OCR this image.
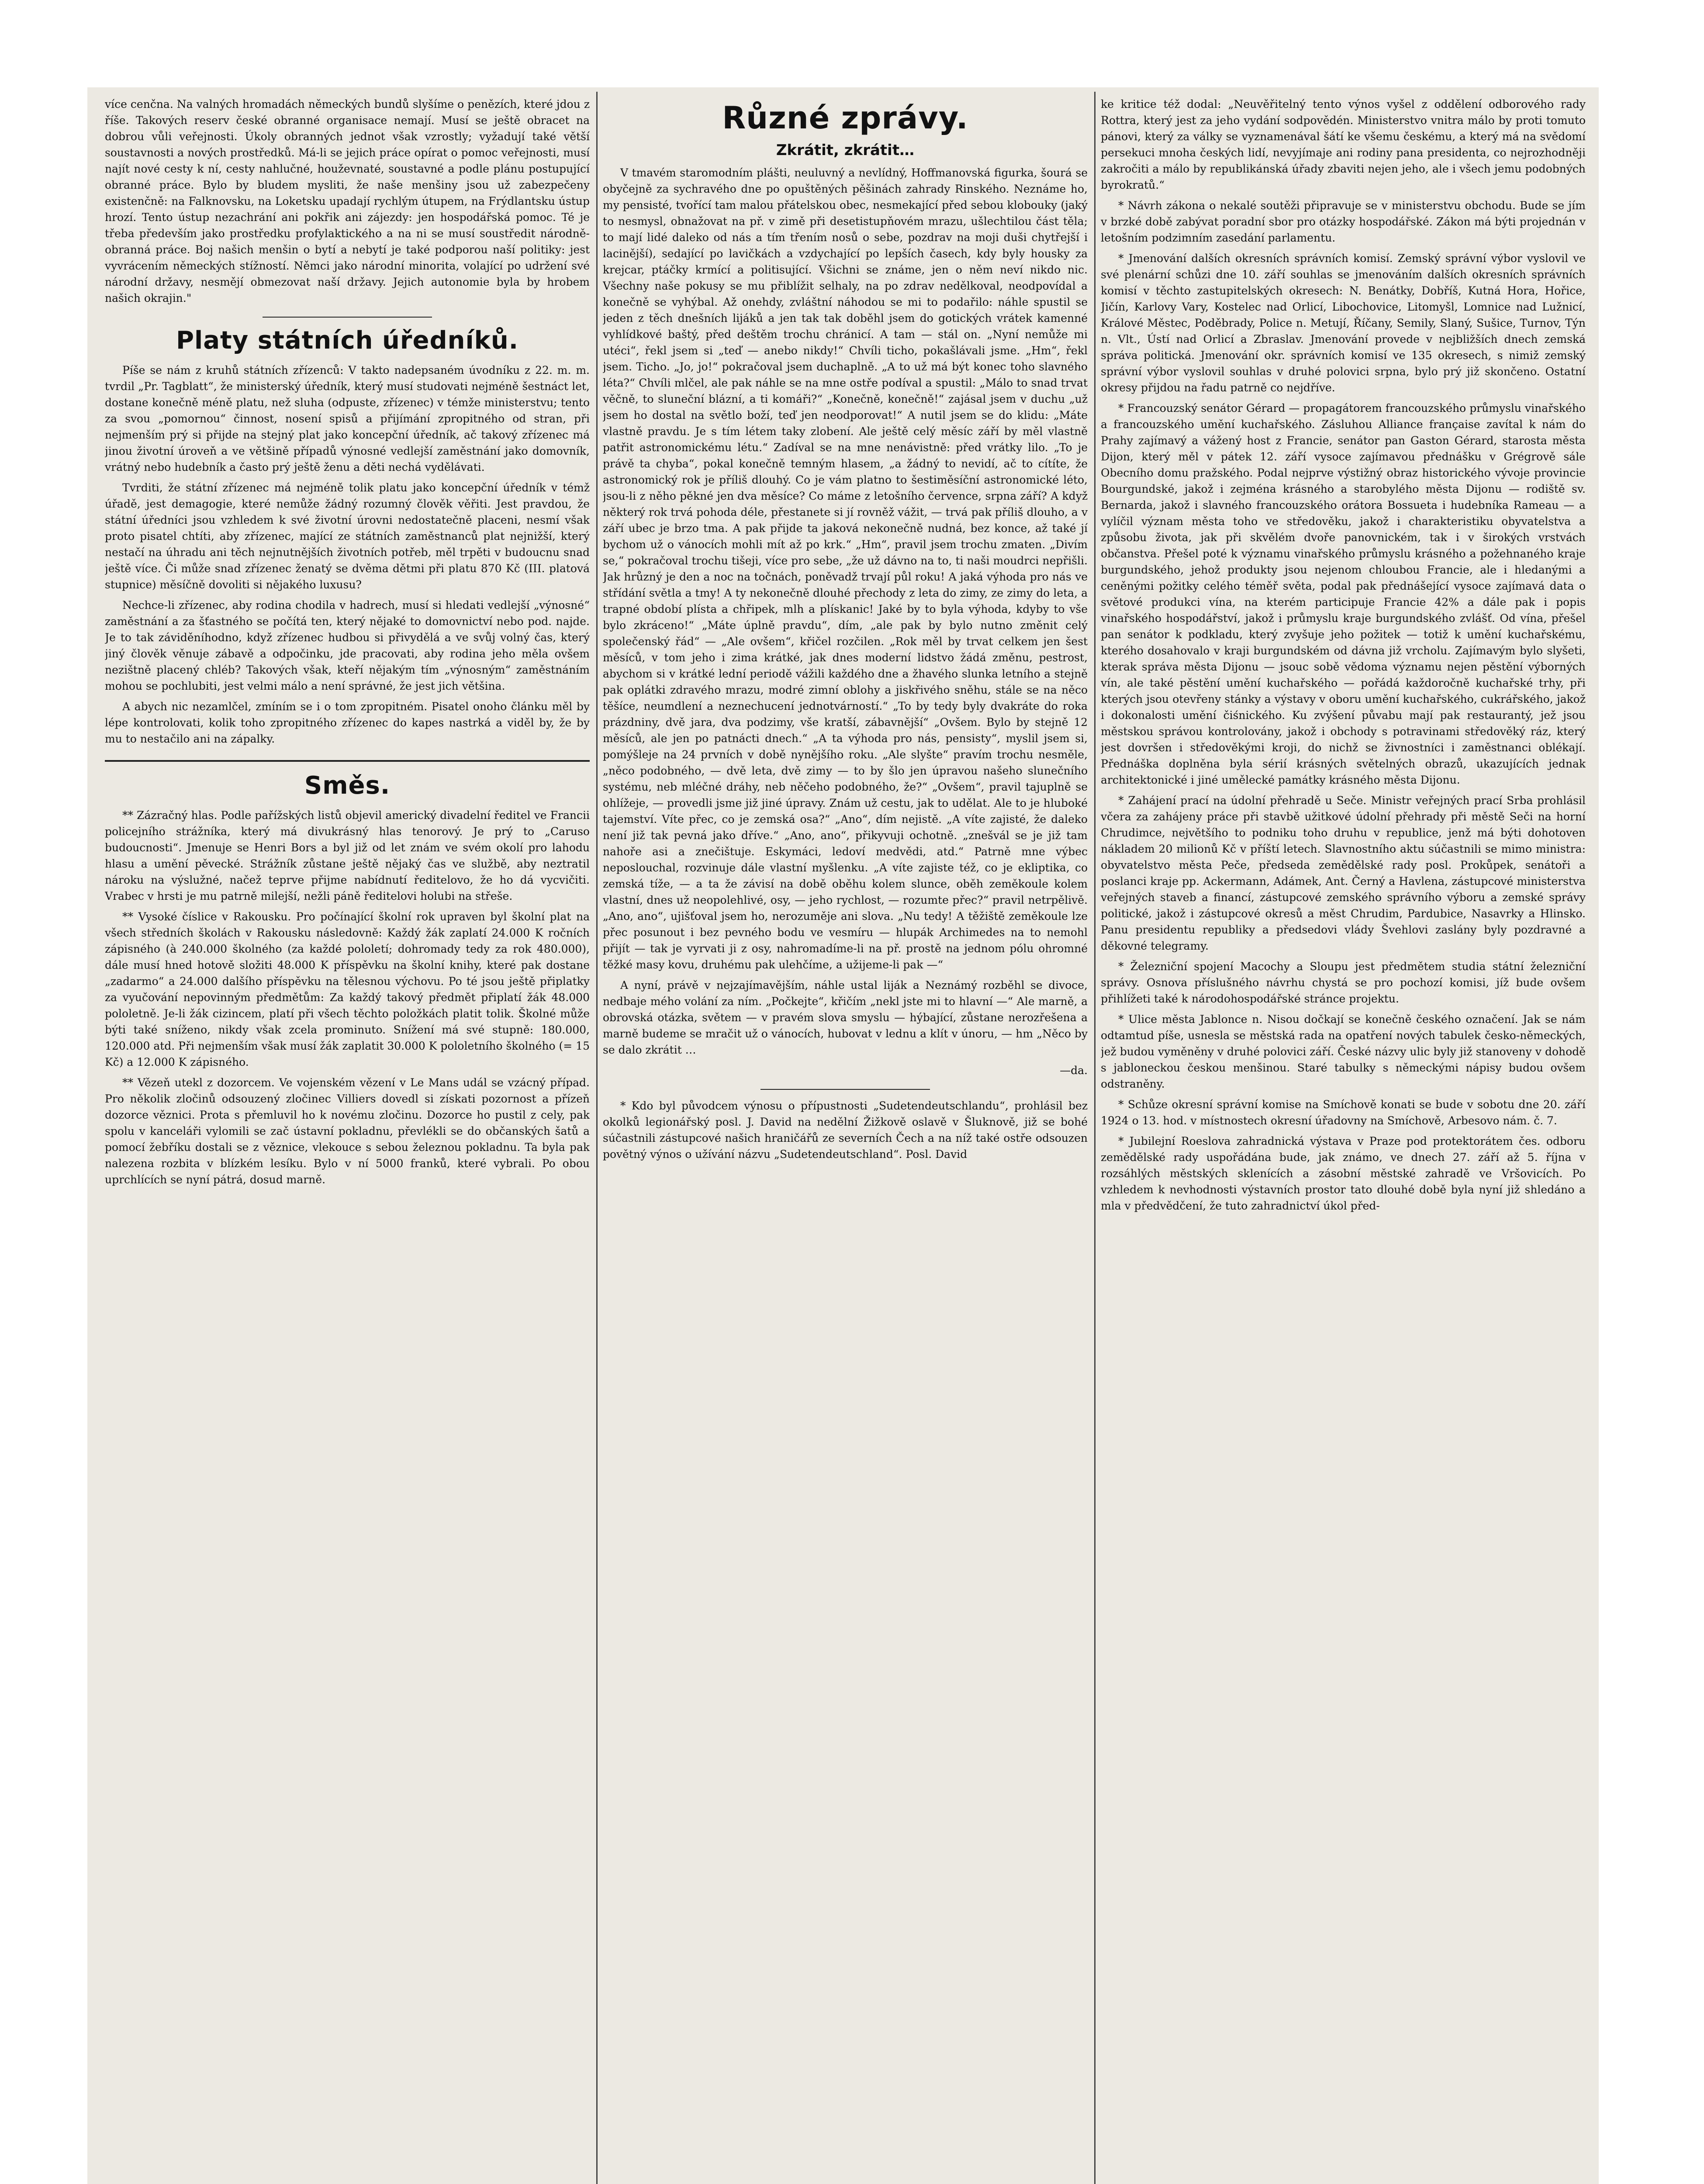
více cenčna. Na valných hromadách německých bundů slyšíme o penězích, které jdou z říše. Takových reserv české obranné organisace nemají. Musí se ještě obracet na dobrou vůli veřejnosti. Úkoly obranných jednot však vzrostly; vyžadují také větší soustavnosti a nových prostředků. Má-li se jejich práce opírat o pomoc veřejnosti, musí najít nové cesty k ní, cesty nahlučné, houževnaté, soustavné a podle plánu postupující obranné práce. Bylo by bludem mysliti, že naše menšiny jsou už zabezpečeny existenčně: na Falknovsku, na Loketsku upadají rychlým útupem, na Frýdlantsku ústup hrozí. Tento ústup nezachrání ani pokřik ani zájezdy: jen hospodářská pomoc. Té je třeba především jako prostředku profylaktického a na ni se musí soustředit národně-obranná práce. Boj našich menšin o bytí a nebytí je také podporou naší politiky: jest vyvrácením německých stížností. Němci jako národní minorita, volající po udržení své národní državy, nesmějí obmezovat naší državy. Jejich autonomie byla by hrobem našich okrajin."

Platy státních úředníků.

Píše se nám z kruhů státních zřízenců: V takto nadepsaném úvodníku z 22. m. m. tvrdil „Pr. Tagblatt“, že ministerský úředník, který musí studovati nejméně šestnáct let, dostane konečně méně platu, než sluha (odpuste, zřízenec) v témže ministerstvu; tento za svou „pomornou“ činnost, nosení spisů a přijímání zpropitného od stran, při nejmenším prý si přijde na stejný plat jako koncepční úředník, ač takový zřízenec má jinou životní úroveň a ve většině případů výnosné vedlejší zaměstnání jako domovník, vrátný nebo hudebník a často prý ještě ženu a děti nechá vydělávati.

Tvrditi, že státní zřízenec má nejméně tolik platu jako koncepční úředník v témž úřadě, jest demagogie, které nemůže žádný rozumný člověk věřiti. Jest pravdou, že státní úředníci jsou vzhledem k své životní úrovni nedostatečně placeni, nesmí však proto pisatel chtíti, aby zřízenec, mající ze státních zaměstnanců plat nejnižší, který nestačí na úhradu ani těch nejnutnějších životních potřeb, měl trpěti v budoucnu snad ještě více. Či může snad zřízenec ženatý se dvěma dětmi při platu 870 Kč (III. platová stupnice) měsíčně dovoliti si nějakého luxusu?

Nechce-li zřízenec, aby rodina chodila v hadrech, musí si hledati vedlejší „výnosné“ zaměstnání a za šťastného se počítá ten, který nějaké to domovnictví nebo pod. najde. Je to tak záviděníhodno, když zřízenec hudbou si přivydělá a ve svůj volný čas, který jiný člověk věnuje zábavě a odpočinku, jde pracovati, aby rodina jeho měla ovšem nezištně placený chléb? Takových však, kteří nějakým tím „výnosným“ zaměstnáním mohou se pochlubiti, jest velmi málo a není správné, že jest jich většina.

A abych nic nezamlčel, zmíním se i o tom zpropitném. Pisatel onoho článku měl by lépe kontrolovati, kolik toho zpropitného zřízenec do kapes nastrká a viděl by, že by mu to nestačilo ani na zápalky.

Směs.

** Zázračný hlas. Podle pařížských listů objevil americký divadelní ředitel ve Francii policejního strážníka, který má divukrásný hlas tenorový. Je prý to „Caruso budoucnosti“. Jmenuje se Henri Bors a byl již od let znám ve svém okolí pro lahodu hlasu a umění pěvecké. Strážník zůstane ještě nějaký čas ve službě, aby neztratil nároku na výslužné, načež teprve přijme nabídnutí ředitelovo, že ho dá vycvičiti. Vrabec v hrsti je mu patrně milejší, nežli páně ředitelovi holubi na střeše.

** Vysoké číslice v Rakousku. Pro počínající školní rok upraven byl školní plat na všech středních školách v Rakousku následovně: Každý žák zaplatí 24.000 K ročních zápisného (à 240.000 školného (za každé pololetí; dohromady tedy za rok 480.000), dále musí hned hotově složiti 48.000 K příspěvku na školní knihy, které pak dostane „zadarmo“ a 24.000 dalšího příspěvku na tělesnou výchovu. Po té jsou ještě připlatky za vyučování nepovinným předmětům: Za každý takový předmět připlatí žák 48.000 pololetně. Je-li žák cizincem, platí při všech těchto položkách platit tolik. Školné může býti také sníženo, nikdy však zcela prominuto. Snížení má své stupně: 180.000, 120.000 atd. Při nejmenším však musí žák zaplatit 30.000 K pololetního školného (= 15 Kč) a 12.000 K zápisného.

** Vězeň utekl z dozorcem. Ve vojenském vězení v Le Mans udál se vzácný případ. Pro několik zločinů odsouzený zločinec Villiers dovedl si získati pozornost a přízeň dozorce věznici. Prota s přemluvil ho k novému zločinu. Dozorce ho pustil z cely, pak spolu v kanceláři vylomili se zač ústavní pokladnu, převlékli se do občanských šatů a pomocí žebříku dostali se z věznice, vlekouce s sebou železnou pokladnu. Ta byla pak nalezena rozbita v blízkém lesíku. Bylo v ní 5000 franků, které vybrali. Po obou uprchlících se nyní pátrá, dosud marně.

Různé zprávy.
Zkrátit, zkrátit…

V tmavém staromodním plášti, neuluvný a nevlídný, Hoffmanovská figurka, šourá se obyčejně za sychravého dne po opuštěných pěšinách zahrady Rinského. Neznáme ho, my pensisté, tvořící tam malou přátelskou obec, nesmekající před sebou klobouky (jaký to nesmysl, obnažovat na př. v zimě při desetistupňovém mrazu, ušlechtilou část těla; to mají lidé daleko od nás a tím třením nosů o sebe, pozdrav na moji duši chytřejší i lacinější), sedající po lavičkách a vzdychající po lepších časech, kdy byly housky za krejcar, ptáčky krmící a politisující. Všichni se známe, jen o něm neví nikdo nic. Všechny naše pokusy se mu přiblížit selhaly, na po zdrav nedělkoval, neodpovídal a konečně se vyhýbal. Až onehdy, zvláštní náhodou se mi to podařilo: náhle spustil se jeden z těch dnešních lijáků a jen tak tak doběhl jsem do gotických vrátek kamenné vyhlídkové baštý, před deštěm trochu chránicí. A tam — stál on. „Nyní nemůže mi utéci“, řekl jsem si „teď — anebo nikdy!“ Chvíli ticho, pokašlávali jsme. „Hm“, řekl jsem. Ticho. „Jo, jo!“ pokračoval jsem duchaplně. „A to už má být konec toho slavného léta?“ Chvíli mlčel, ale pak náhle se na mne ostře podíval a spustil: „Málo to snad trvat věčně, to sluneční blázní, a ti komáři?“ „Konečně, konečně!“ zajásal jsem v duchu „už jsem ho dostal na světlo boží, teď jen neodporovat!“ A nutil jsem se do klidu: „Máte vlastně pravdu. Je s tím létem taky zlobení. Ale ještě celý měsíc září by měl vlastně patřit astronomickému létu.“ Zadíval se na mne nenávistně: před vrátky lilo. „To je právě ta chyba“, pokal konečně temným hlasem, „a žádný to nevidí, ač to cítíte, že astronomický rok je příliš dlouhý. Co je vám platno to šestiměsíční astronomické léto, jsou-li z něho pěkné jen dva měsíce? Co máme z letošního července, srpna září? A když některý rok trvá pohoda déle, přestanete si jí rovněž vážit, — trvá pak příliš dlouho, a v září ubec je brzo tma. A pak přijde ta jaková nekonečně nudná, bez konce, až také jí bychom už o vánocích mohli mít až po krk.“ „Hm“, pravil jsem trochu zmaten. „Divím se,“ pokračoval trochu tišeji, více pro sebe, „že už dávno na to, ti naši moudrci nepřišli. Jak hrůzný je den a noc na točnách, poněvadž trvají půl roku! A jaká výhoda pro nás ve střídání světla a tmy! A ty nekonečně dlouhé přechody z leta do zimy, ze zimy do leta, a trapné období plísta a chřipek, mlh a plískanic! Jaké by to byla výhoda, kdyby to vše bylo zkráceno!“ „Máte úplně pravdu“, dím, „ale pak by bylo nutno změnit celý společenský řád“ — „Ale ovšem“, křičel rozčilen. „Rok měl by trvat celkem jen šest měsíců, v tom jeho i zima krátké, jak dnes moderní lidstvo žádá změnu, pestrost, abychom si v krátké lední periodě vážili každého dne a žhavého slunka letního a stejně pak oplátki zdravého mrazu, modré zimní oblohy a jiskřivého sněhu, stále se na něco těšíce, neumdlení a neznechucení jednotvárností.“ „To by tedy byly dvakráte do roka prázdniny, dvě jara, dva podzimy, vše kratší, zábavnější“ „Ovšem. Bylo by stejně 12 měsíců, ale jen po patnácti dnech.“ „A ta výhoda pro nás, pensisty“, myslil jsem si, pomýšleje na 24 prvních v době nynějšího roku. „Ale slyšte“ pravím trochu nesměle, „něco podobného, — dvě leta, dvě zimy — to by šlo jen úpravou našeho slunečního systému, neb mléčné dráhy, neb něčeho podobného, že?“ „Ovšem“, pravil tajuplně se ohlížeje, — provedli jsme již jiné úpravy. Znám už cestu, jak to udělat. Ale to je hluboké tajemství. Víte přec, co je zemská osa?“ „Ano“, dím nejistě. „A víte zajisté, že daleko není již tak pevná jako dříve.“ „Ano, ano“, přikyvuji ochotně. „znešvál se je již tam nahoře asi a znečištuje. Eskymáci, ledoví medvědi, atd.“ Patrně mne výbec neposlouchal, rozvinuje dále vlastní myšlenku. „A víte zajiste též, co je ekliptika, co zemská tíže, — a ta že závisí na době oběhu kolem slunce, oběh zeměkoule kolem vlastní, dnes už neopolehlivé, osy, — jeho rychlost, — rozumte přec?“ pravil netrpělivě. „Ano, ano“, ujišťoval jsem ho, nerozuměje ani slova. „Nu tedy! A těžiště zeměkoule lze přec posunout i bez pevného bodu ve vesmíru — hlupák Archimedes na to nemohl přijít — tak je vyrvati ji z osy, nahromadíme-li na př. prostě na jednom pólu ohromné těžké masy kovu, druhému pak ulehčíme, a užijeme-li pak —“

A nyní, právě v nejzajímavějším, náhle ustal liják a Neznámý rozběhl se divoce, nedbaje mého volání za ním. „Počkejte“, křičím „nekl jste mi to hlavní —“ Ale marně, a obrovská otázka, světem — v pravém slova smyslu — hýbající, zůstane nerozřešena a marně budeme se mračit už o vánocích, hubovat v lednu a klít v únoru, — hm „Něco by se dalo zkrátit …

—da.

* Kdo byl původcem výnosu o přípustnosti „Sudetendeutschlandu“, prohlásil bez okolků legionářský posl. J. David na nedělní Žižkově oslavě v Šluknově, již se bohé súčastnili zástupcové našich hraničářů ze severních Čech a na níž také ostře odsouzen povětný výnos o užívání názvu „Sudetendeutschland“. Posl. David

ke kritice též dodal: „Neuvěřitelný tento výnos vyšel z oddělení odborového rady Rottra, který jest za jeho vydání sodpovědén. Ministerstvo vnitra málo by proti tomuto pánovi, který za války se vyznamenával šátí ke všemu českému, a který má na svědomí persekuci mnoha českých lidí, nevyjímaje ani rodiny pana presidenta, co nejrozhodněji zakročiti a málo by republikánská úřady zbaviti nejen jeho, ale i všech jemu podobných byrokratů.“

* Návrh zákona o nekalé soutěži připravuje se v ministerstvu obchodu. Bude se jím v brzké době zabývat poradní sbor pro otázky hospodářské. Zákon má býti projednán v letošním podzimním zasedání parlamentu.

* Jmenování dalších okresních správních komisí. Zemský správní výbor vyslovil ve své plenární schůzi dne 10. září souhlas se jmenováním dalších okresních správních komisí v těchto zastupitelských okresech: N. Benátky, Dobříš, Kutná Hora, Hořice, Jičín, Karlovy Vary, Kostelec nad Orlicí, Libochovice, Litomyšl, Lomnice nad Lužnicí, Králové Městec, Poděbrady, Police n. Metují, Říčany, Semily, Slaný, Sušice, Turnov, Týn n. Vlt., Ústí nad Orlicí a Zbraslav. Jmenování provede v nejbližších dnech zemská správa politická. Jmenování okr. správních komisí ve 135 okresech, s nimiž zemský správní výbor vyslovil souhlas v druhé polovici srpna, bylo prý již skončeno. Ostatní okresy přijdou na řadu patrně co nejdříve.

* Francouzský senátor Gérard — propagátorem francouzského průmyslu vinařského a francouzského umění kuchařského. Zásluhou Alliance française zavítal k nám do Prahy zajímavý a vážený host z Francie, senátor pan Gaston Gérard, starosta města Dijon, který měl v pátek 12. září vysoce zajímavou přednášku v Grégrově sále Obecního domu pražského. Podal nejprve výstižný obraz historického vývoje provincie Bourgundské, jakož i zejména krásného a starobylého města Dijonu — rodiště sv. Bernarda, jakož i slavného francouzského orátora Bossueta i hudebníka Rameau — a vylíčil význam města toho ve středověku, jakož i charakteristiku obyvatelstva a způsobu života, jak při skvělém dvoře panovnickém, tak i v širokých vrstvách občanstva. Přešel poté k významu vinařského průmyslu krásného a požehnaného kraje burgundského, jehož produkty jsou nejenom chloubou Francie, ale i hledanými a ceněnými požitky celého téměř světa, podal pak přednášející vysoce zajímavá data o světové produkci vína, na kterém participuje Francie 42% a dále pak i popis vinařského hospodářství, jakož i průmyslu kraje burgundského zvlášť. Od vína, přešel pan senátor k podkladu, který zvyšuje jeho požitek — totiž k umění kuchařskému, kterého dosahovalo v kraji burgundském od dávna již vrcholu. Zajímavým bylo slyšeti, kterak správa města Dijonu — jsouc sobě vědoma významu nejen pěstění výborných vín, ale také pěstění umění kuchařského — pořádá každoročně kuchařské trhy, při kterých jsou otevřeny stánky a výstavy v oboru umění kuchařského, cukrářského, jakož i dokonalosti umění čiśnického. Ku zvýšení půvabu mají pak restaurantý, jež jsou městskou správou kontrolovány, jakož i obchody s potravinami středověký ráz, který jest dovršen i středověkými kroji, do nichž se živnostníci i zaměstnanci oblékají. Přednáška doplněna byla sérií krásných světelných obrazů, ukazujících jednak architektonické i jiné umělecké památky krásného města Dijonu.

* Zahájení prací na údolní přehradě u Seče. Ministr veřejných prací Srba prohlásil včera za zahájeny práce při stavbě užitkové údolní přehrady při městě Seči na horní Chrudimce, největšího to podniku toho druhu v republice, jenž má býti dohotoven nákladem 20 milionů Kč v příští letech. Slavnostního aktu súčastnili se mimo ministra: obyvatelstvo města Peče, předseda zemědělské rady posl. Prokůpek, senátoři a poslanci kraje pp. Ackermann, Adámek, Ant. Černý a Havlena, zástupcové ministerstva veřejných staveb a financí, zástupcové zemského správního výboru a zemské správy politické, jakož i zástupcové okresů a měst Chrudim, Pardubice, Nasavrky a Hlinsko. Panu presidentu republiky a předsedovi vlády Švehlovi zaslány byly pozdravné a děkovné telegramy.

* Železniční spojení Macochy a Sloupu jest předmětem studia státní železniční správy. Osnova příslušného návrhu chystá se pro pochozí komisi, jíž bude ovšem přihlížeti také k národohospodářské stránce projektu.

* Ulice města Jablonce n. Nisou dočkají se konečně českého označení. Jak se nám odtamtud píše, usnesla se městská rada na opatření nových tabulek česko-německých, jež budou vyměněny v druhé polovici září. České názvy ulic byly již stanoveny v dohodě s jabloneckou českou menšinou. Staré tabulky s německými nápisy budou ovšem odstraněny.

* Schůze okresní správní komise na Smíchově konati se bude v sobotu dne 20. září 1924 o 13. hod. v místnostech okresní úřadovny na Smíchově, Arbesovo nám. č. 7.

* Jubilejní Roeslova zahradnická výstava v Praze pod protektorátem čes. odboru zemědělské rady uspořádána bude, jak známo, ve dnech 27. září až 5. října v rozsáhlých městských sklenících a zásobní městské zahradě ve Vršovicích. Po vzhledem k nevhodnosti výstavních prostor tato dlouhé době byla nyní již shledáno a mla v předvědčení, že tuto zahradnictví úkol před-
